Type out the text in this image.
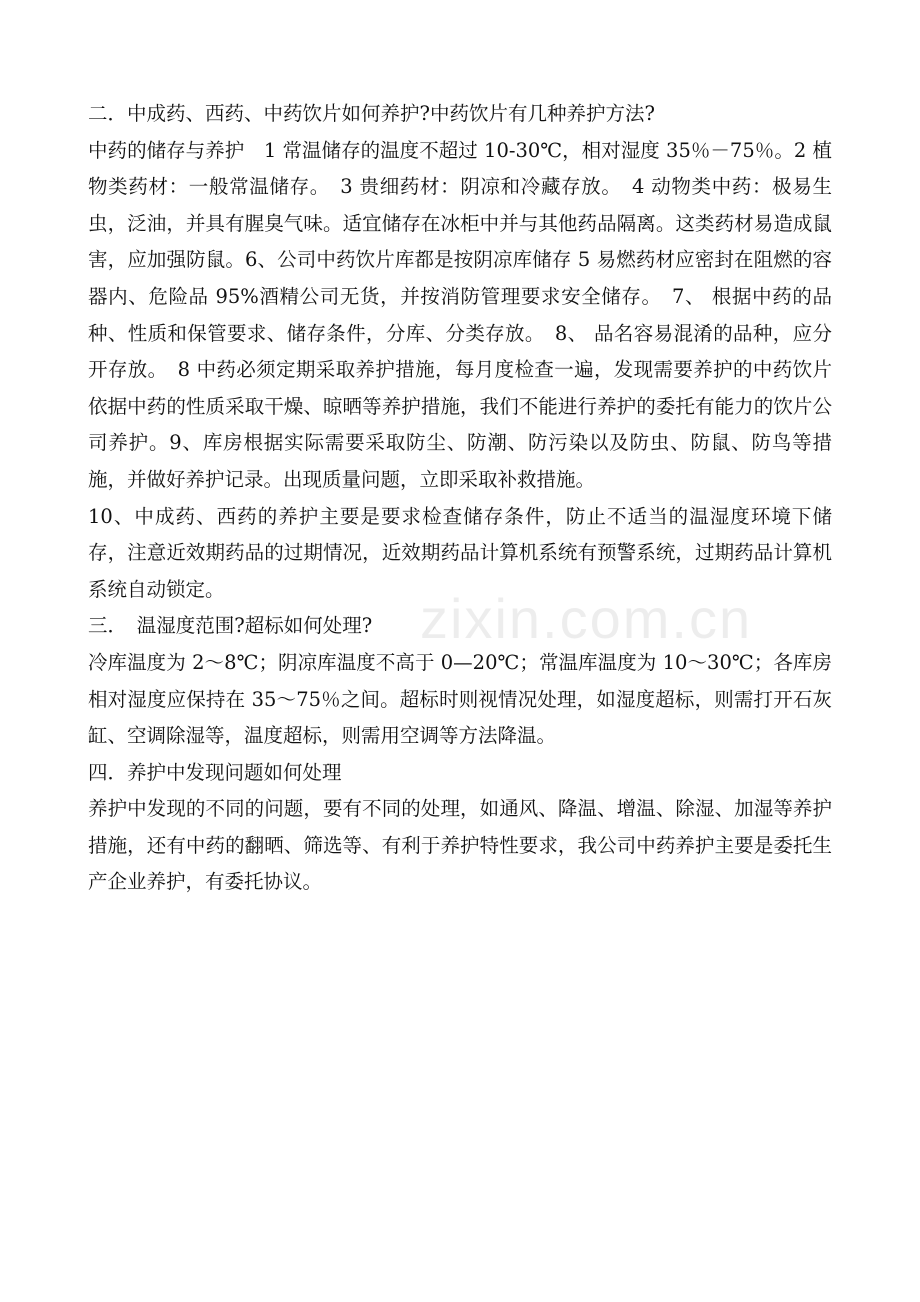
二．中成药、西药、中药饮片如何养护?中药饮片有几种养护方法?

中药的储存与养护　1 常温储存的温度不超过 10-30℃，相对湿度 35％－75％。2 植物类药材：一般常温储存。　3 贵细药材：阴凉和冷藏存放。　4 动物类中药：极易生虫，泛油，并具有腥臭气味。适宜储存在冰柜中并与其他药品隔离。这类药材易造成鼠害，应加强防鼠。6、公司中药饮片库都是按阴凉库储存 5 易燃药材应密封在阻燃的容器内、危险品 95%酒精公司无货，并按消防管理要求安全储存。　7、 根据中药的品种、性质和保管要求、储存条件，分库、分类存放。　8、 品名容易混淆的品种，应分开存放。　8 中药必须定期采取养护措施，每月度检查一遍，发现需要养护的中药饮片依据中药的性质采取干燥、晾晒等养护措施，我们不能进行养护的委托有能力的饮片公司养护。9、库房根据实际需要采取防尘、防潮、防污染以及防虫、防鼠、防鸟等措施，并做好养护记录。出现质量问题，立即采取补救措施。

10、中成药、西药的养护主要是要求检查储存条件，防止不适当的温湿度环境下储存，注意近效期药品的过期情况，近效期药品计算机系统有预警系统，过期药品计算机系统自动锁定。

三．　温湿度范围?超标如何处理?

冷库温度为 2～8℃；阴凉库温度不高于 0—20℃；常温库温度为 10～30℃；各库房相对湿度应保持在 35～75％之间。超标时则视情况处理，如湿度超标，则需打开石灰缸、空调除湿等，温度超标，则需用空调等方法降温。

四．养护中发现问题如何处理

养护中发现的不同的问题，要有不同的处理，如通风、降温、增温、除湿、加湿等养护措施，还有中药的翻晒、筛选等、有利于养护特性要求，我公司中药养护主要是委托生产企业养护，有委托协议。

zixin.com.cn
